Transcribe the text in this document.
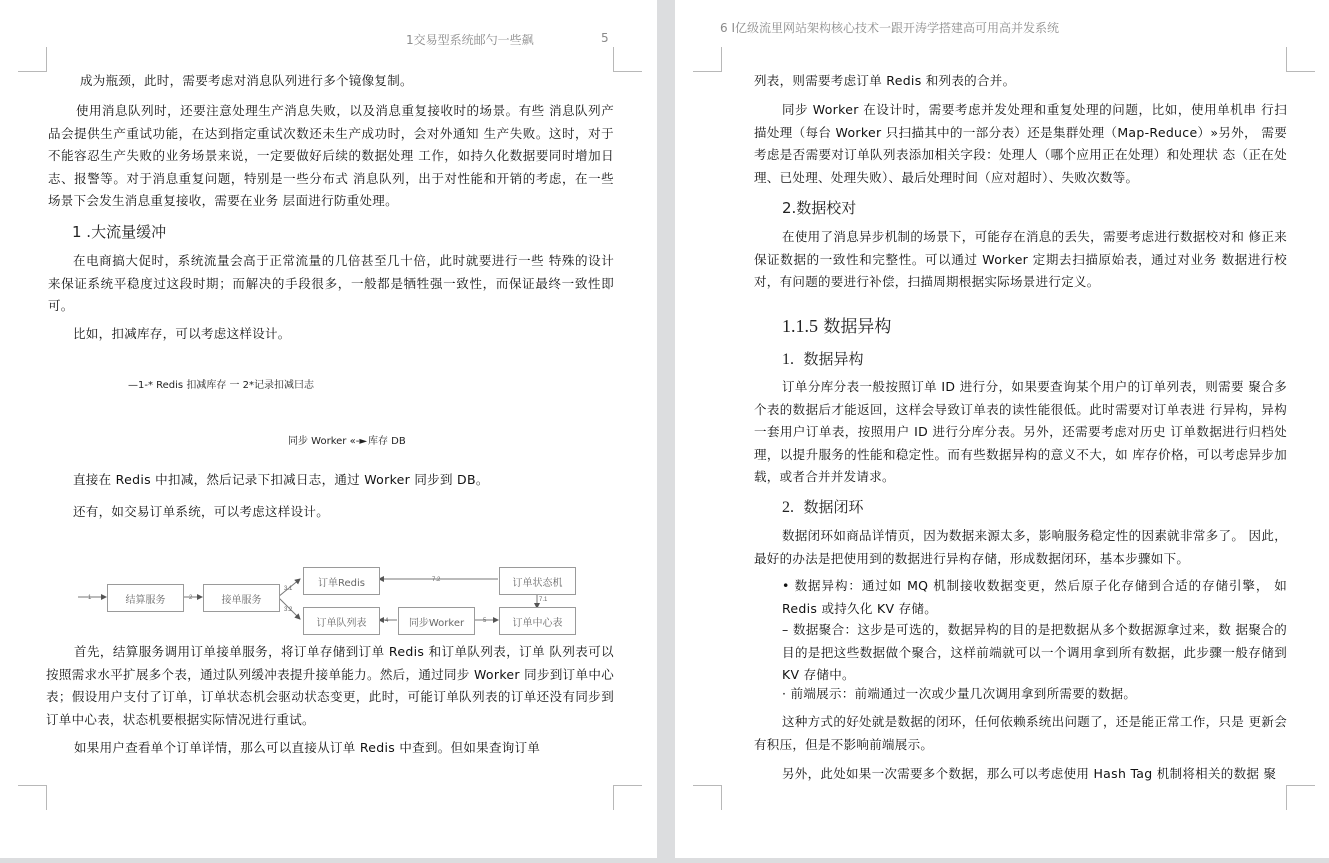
1交易型系统邮勺一些飙	5
成为瓶颈，此时，需要考虑对消息队列进行多个镜像复制。
使用消息队列时，还要注意处理生产消息失败，以及消息重复接收时的场景。有些 消息队列产品会提供生产重试功能，在达到指定重试次数还未生产成功时，会对外通知 生产失败。这时，对于不能容忍生产失败的业务场景来说，一定要做好后续的数据处理 工作，如持久化数据要同时增加日志、报警等。对于消息重复问题，特别是一些分布式 消息队列，出于对性能和开销的考虑，在一些场景下会发生消息重复接收，需要在业务 层面进行防重处理。
1 .大流量缓冲
在电商搞大促时，系统流量会高于正常流量的几倍甚至几十倍，此时就要进行一些 特殊的设计来保证系统平稳度过这段时期；而解决的手段很多，一般都是牺牲强一致性，而保证最终一致性即可。
比如，扣减库存，可以考虑这样设计。
—1-* Redis 扣减库存 一 2*记录扣减曰志
同步 Worker «-► 库存 DB
直接在 Redis 中扣减，然后记录下扣减日志，通过 Worker 同步到 DB。
还有，如交易订单系统，可以考虑这样设计。
1	2
3.1
3.2
4	5
7.1
7.2
结算服务	接单服务
订单Redis
订单队列表	同步Worker	订单中心表
订单状态机
首先，结算服务调用订单接单服务，将订单存储到订单 Redis 和订单队列表，订单 队列表可以按照需求水平扩展多个表，通过队列缓冲表提升接单能力。然后，通过同步 Worker 同步到订单中心表；假设用户支付了订单，订单状态机会驱动状态变更，此时，可能订单队列表的订单还没有同步到订单中心表，状态机要根据实际情况进行重试。
如果用户查看单个订单详情，那么可以直接从订单 Redis 中查到。但如果查询订单
6 I亿级流里网站架构核心技术一跟开涛学搭建高可用高并发系统
列表，则需要考虑订单 Redis 和列表的合并。
同步 Worker 在设计时，需要考虑并发处理和重复处理的问题，比如，使用单机串 行扫描处理（每台 Worker 只扫描其中的一部分表）还是集群处理（Map-Reduce）»另外， 需要考虑是否需要对订单队列表添加相关字段：处理人（哪个应用正在处理）和处理状 态（正在处理、已处理、处理失败）、最后处理时间（应对超时）、失败次数等。
2.数据校对
在使用了消息异步机制的场景下，可能存在消息的丢失，需要考虑进行数据校对和 修正来保证数据的一致性和完整性。可以通过 Worker 定期去扫描原始表，通过对业务 数据进行校对，有问题的要进行补偿，扫描周期根据实际场景进行定义。
1.1.5 数据异构
1. 数据异构
订单分库分表一般按照订单 ID 进行分，如果要查询某个用户的订单列表，则需要 聚合多个表的数据后才能返回，这样会导致订单表的读性能很低。此时需要对订单表进 行异构，异构一套用户订单表，按照用户 ID 进行分库分表。另外，还需要考虑对历史 订单数据进行归档处理，以提升服务的性能和稳定性。而有些数据异构的意义不大，如 库存价格，可以考虑异步加载，或者合并并发请求。
2. 数据闭环
数据闭环如商品详情页，因为数据来源太多，影响服务稳定性的因素就非常多了。 因此，最好的办法是把使用到的数据进行异构存储，形成数据闭环，基本步骤如下。
• 数据异构：通过如 MQ 机制接收数据变更，然后原子化存储到合适的存储引擎， 如 Redis 或持久化 KV 存储。
– 数据聚合：这步是可选的，数据异构的目的是把数据从多个数据源拿过来，数 据聚合的目的是把这些数据做个聚合，这样前端就可以一个调用拿到所有数据，此步骤一般存储到 KV 存储中。
· 前端展示：前端通过一次或少量几次调用拿到所需要的数据。
这种方式的好处就是数据的闭环，任何依赖系统出问题了，还是能正常工作，只是 更新会有积压，但是不影响前端展示。
另外，此处如果一次需要多个数据，那么可以考虑使用 Hash Tag 机制将相关的数据 聚
